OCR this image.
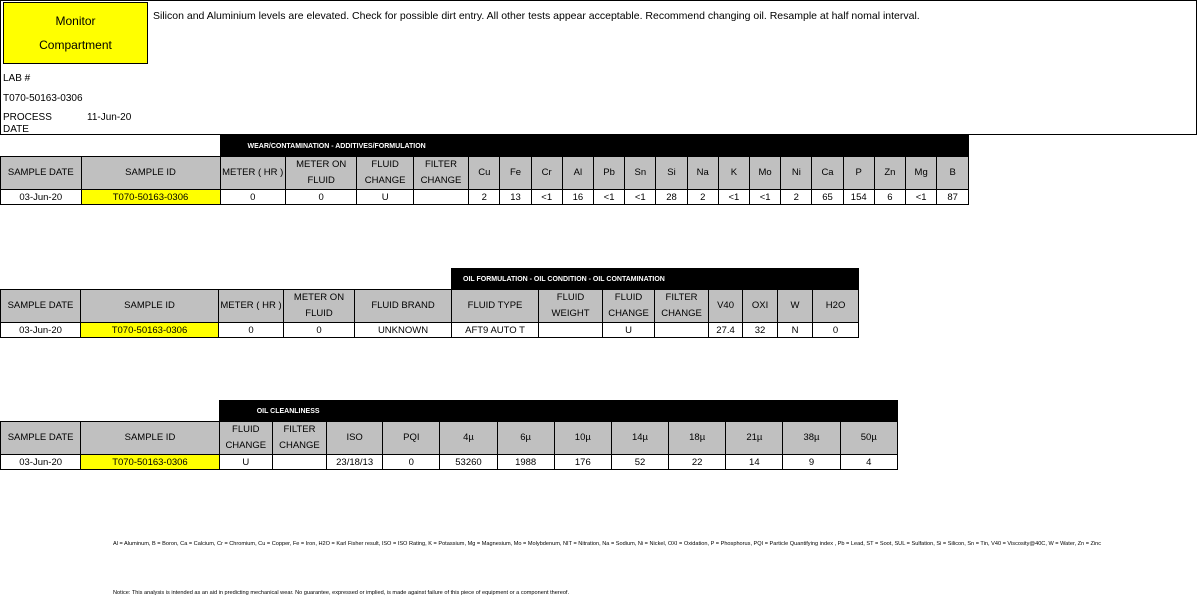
Monitor
Compartment
Silicon and Aluminium levels are elevated. Check for possible dirt entry. All other tests appear acceptable. Recommend changing oil. Resample at half nomal interval.
LAB #
T070-50163-0306
PROCESS DATE
11-Jun-20
		WEAR/CONTAMINATION - ADDITIVES/FORMULATION																			
SAMPLE DATE	SAMPLE ID	METER ( HR )	METER ON FLUID	FLUID CHANGE	FILTER CHANGE	Cu	Fe	Cr	Al	Pb	Sn	Si	Na	K	Mo	Ni	Ca	P	Zn	Mg	B
03-Jun-20	T070-50163-0306	0	0	U		2	13	<1	16	<1	<1	28	2	<1	<1	2	65	154	6	<1	87
					OIL FORMULATION - OIL CONDITION - OIL CONTAMINATION							
SAMPLE DATE	SAMPLE ID	METER ( HR )	METER ON FLUID	FLUID BRAND	FLUID TYPE	FLUID WEIGHT	FLUID CHANGE	FILTER CHANGE	V40	OXI	W	H2O
03-Jun-20	T070-50163-0306	0	0	UNKNOWN	AFT9 AUTO T		U		27.4	32	N	0
		OIL CLEANLINESS											
SAMPLE DATE	SAMPLE ID	FLUID CHANGE	FILTER CHANGE	ISO	PQI	4µ	6µ	10µ	14µ	18µ	21µ	38µ	50µ
03-Jun-20	T070-50163-0306	U		23/18/13	0	53260	1988	176	52	22	14	9	4
Al = Aluminum, B = Boron, Ca = Calcium, Cr = Chromium, Cu = Copper, Fe = Iron, H2O = Karl Fisher result, ISO = ISO Rating, K = Potassium, Mg = Magnesium, Mo = Molybdenum, NIT = Nitration, Na = Sodium, Ni = Nickel, OXI = Oxidation, P = Phosphorus, PQI = Particle Quantifying index , Pb = Lead, ST = Soot, SUL = Sulfation, Si = Silicon, Sn = Tin, V40 = Viscosity@40C, W = Water, Zn = Zinc
Notice: This analysis is intended as an aid in predicting mechanical wear. No guarantee, expressed or implied, is made against failure of this piece of equipment or a component thereof.
